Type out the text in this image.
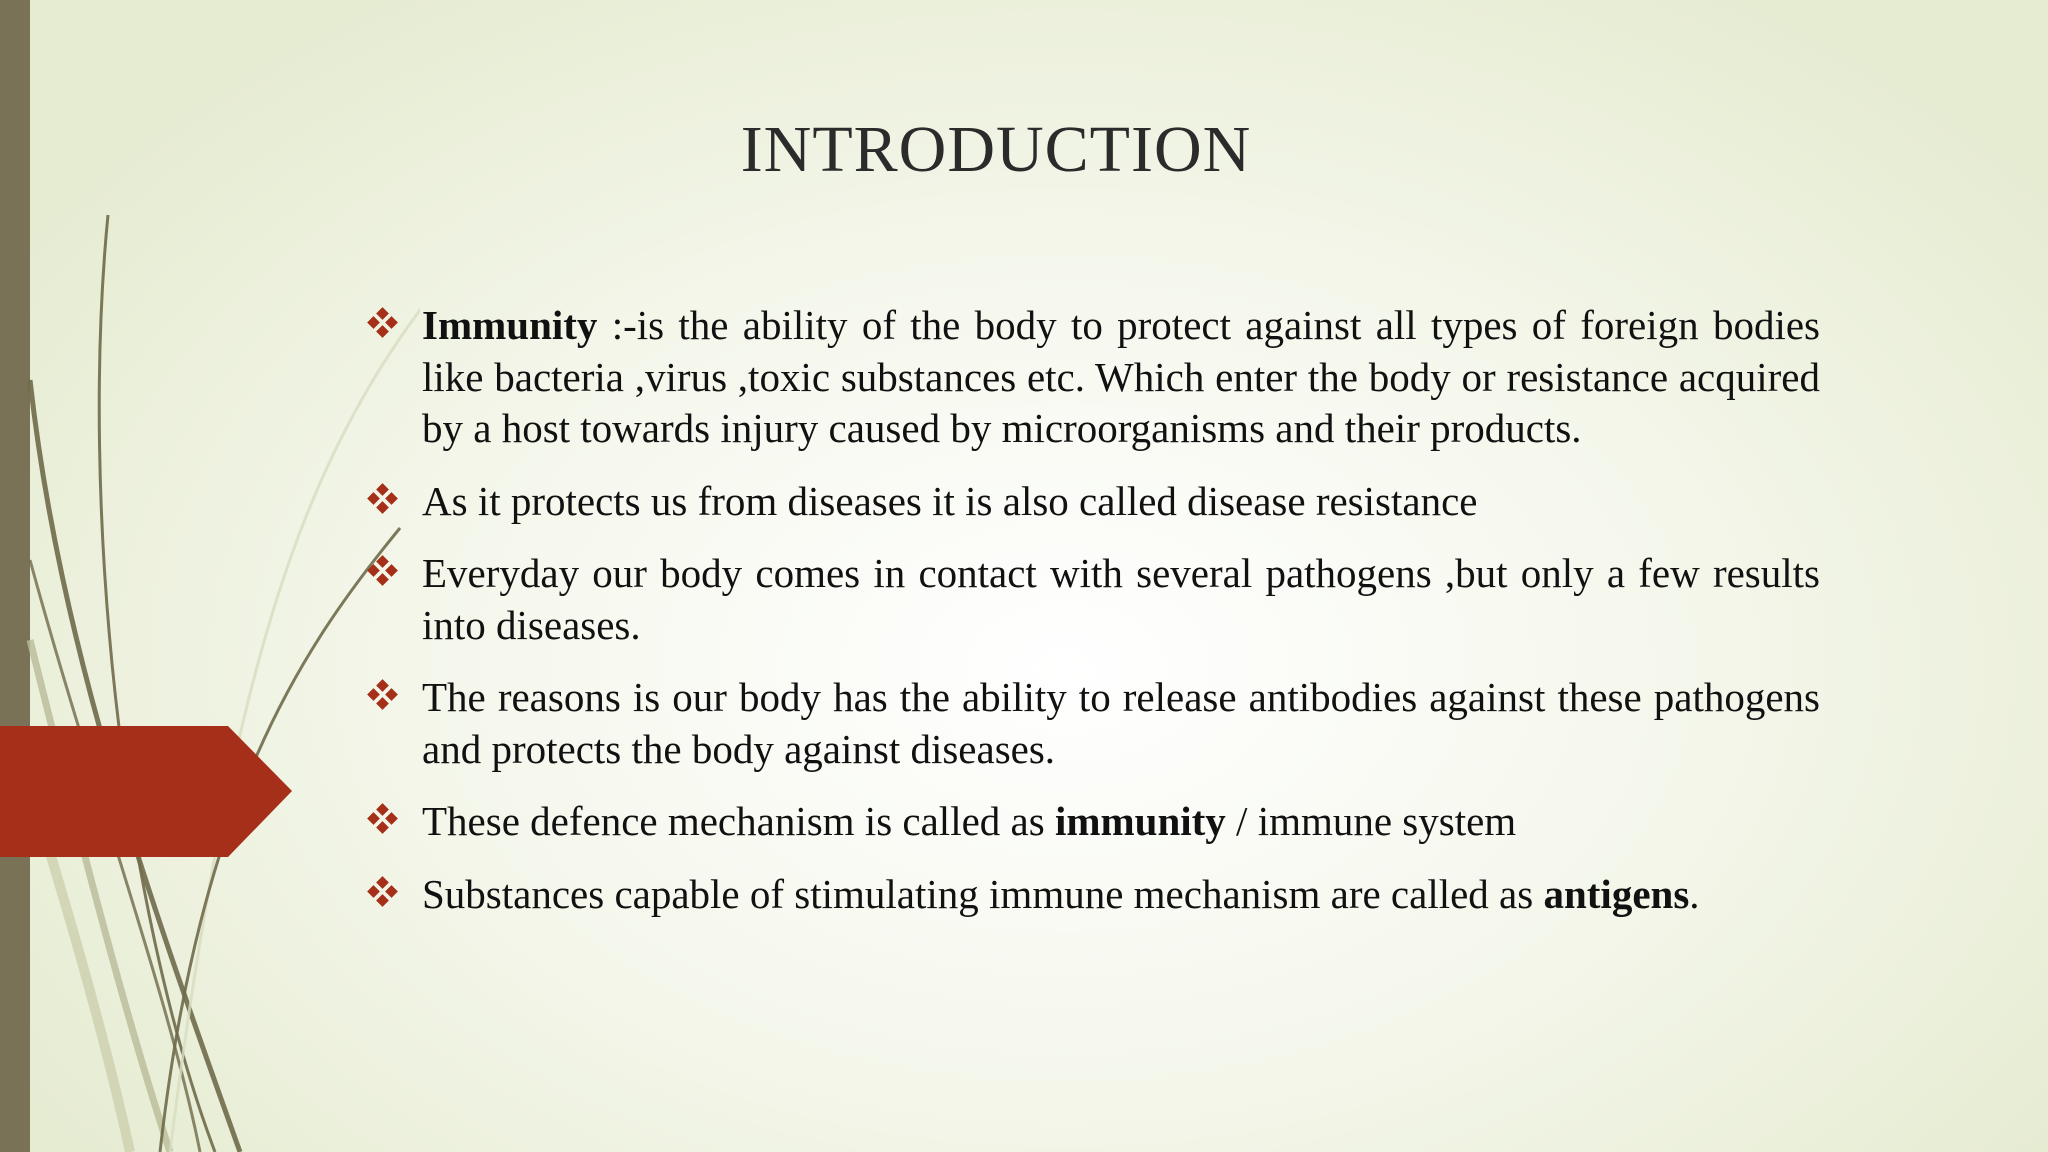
INTRODUCTION
Immunity :-is the ability of the body to protect against all types of foreign bodies like bacteria ,virus ,toxic substances etc. Which enter the body or resistance acquired by a host towards injury caused by microorganisms and their products.
As it protects us from diseases it is also called disease resistance
Everyday our body comes in contact with several pathogens ,but only a few results into diseases.
The reasons is our body has the ability to release antibodies against these pathogens and protects the body against diseases.
These defence mechanism is called as immunity / immune system
Substances capable of stimulating immune mechanism are called as antigens.
